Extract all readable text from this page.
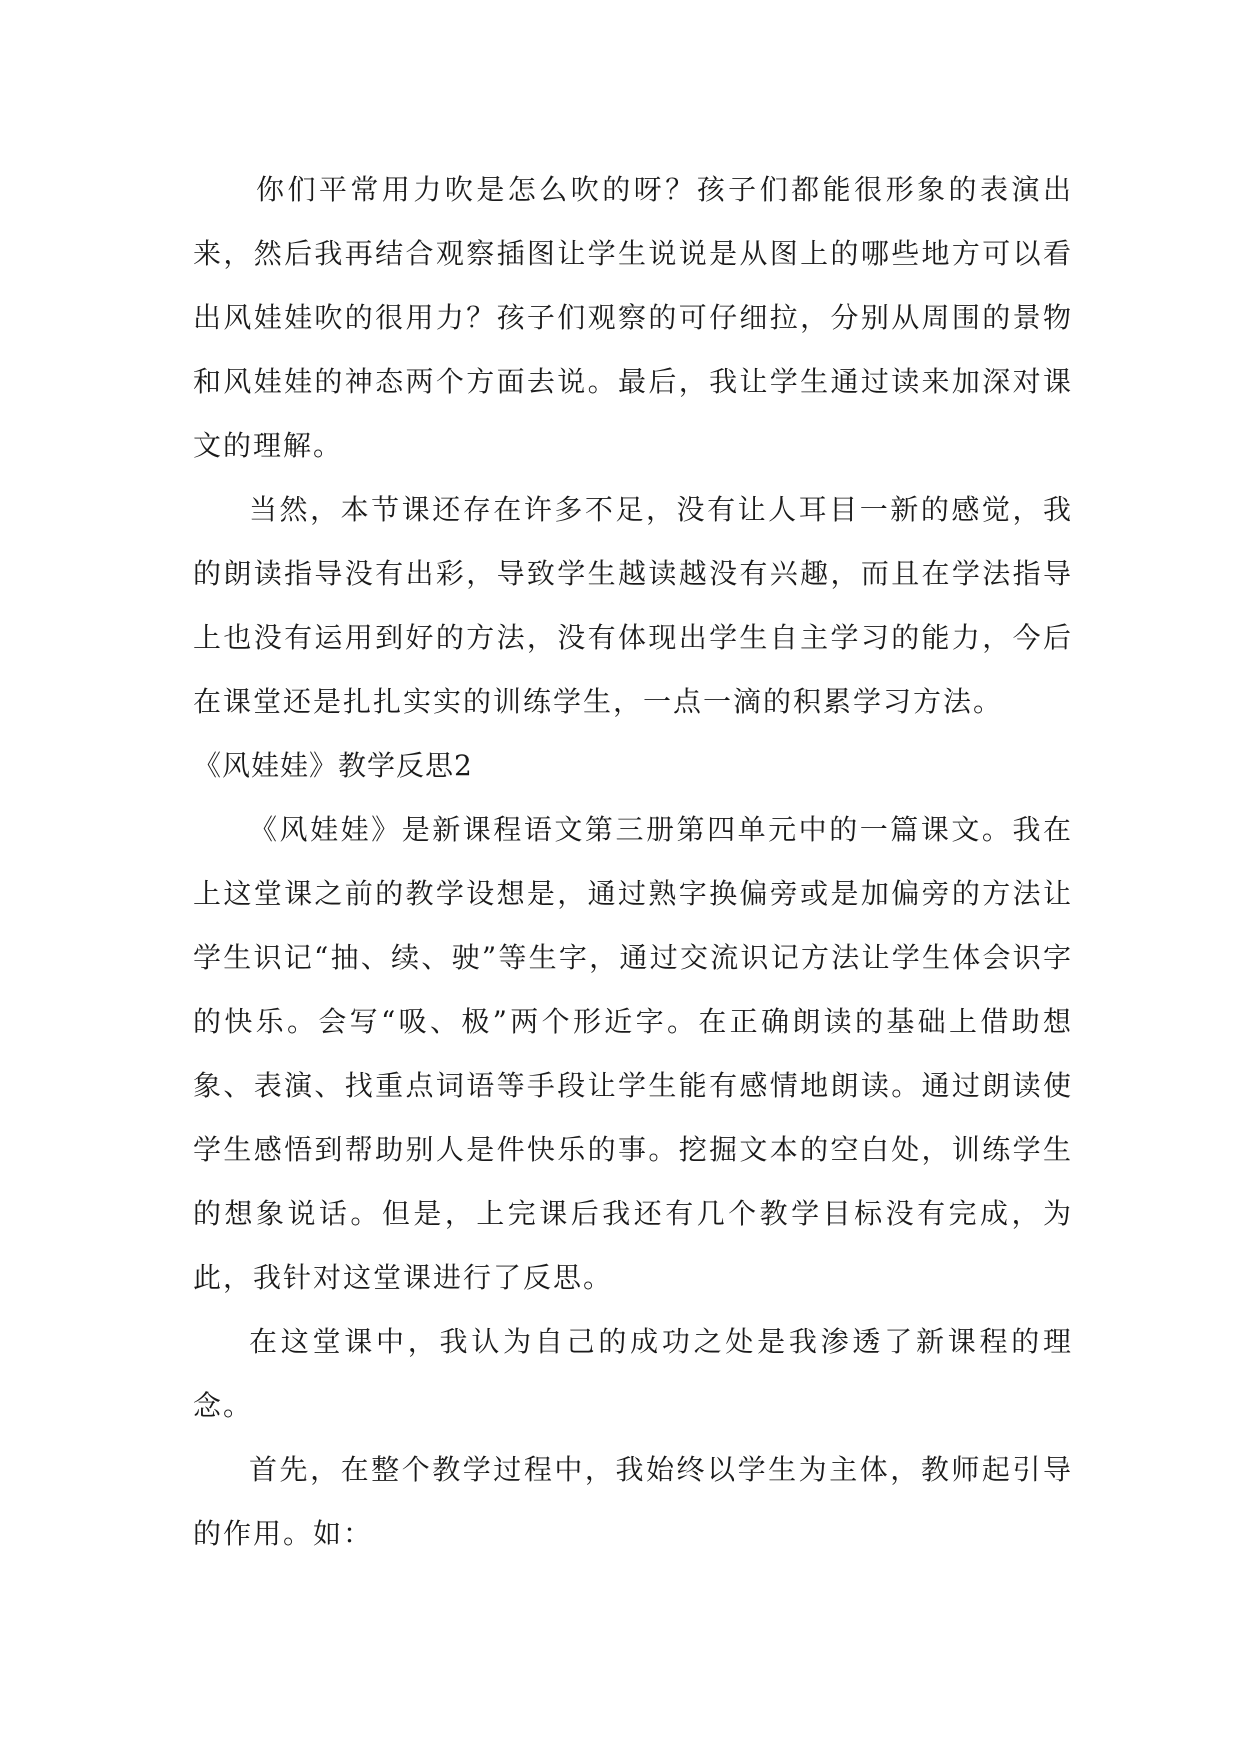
　　你们平常用力吹是怎么吹的呀？孩子们都能很形象的表演出来，然后我再结合观察插图让学生说说是从图上的哪些地方可以看出风娃娃吹的很用力？孩子们观察的可仔细拉，分别从周围的景物和风娃娃的神态两个方面去说。最后，我让学生通过读来加深对课文的理解。

当然，本节课还存在许多不足，没有让人耳目一新的感觉，我的朗读指导没有出彩，导致学生越读越没有兴趣，而且在学法指导上也没有运用到好的方法，没有体现出学生自主学习的能力，今后在课堂还是扎扎实实的训练学生，一点一滴的积累学习方法。

《风娃娃》教学反思2

《风娃娃》是新课程语文第三册第四单元中的一篇课文。我在上这堂课之前的教学设想是，通过熟字换偏旁或是加偏旁的方法让学生识记“抽、续、驶”等生字，通过交流识记方法让学生体会识字的快乐。会写“吸、极”两个形近字。在正确朗读的基础上借助想象、表演、找重点词语等手段让学生能有感情地朗读。通过朗读使学生感悟到帮助别人是件快乐的事。挖掘文本的空白处，训练学生的想象说话。但是，上完课后我还有几个教学目标没有完成，为此，我针对这堂课进行了反思。

在这堂课中，我认为自己的成功之处是我渗透了新课程的理念。

首先，在整个教学过程中，我始终以学生为主体，教师起引导的作用。如：
